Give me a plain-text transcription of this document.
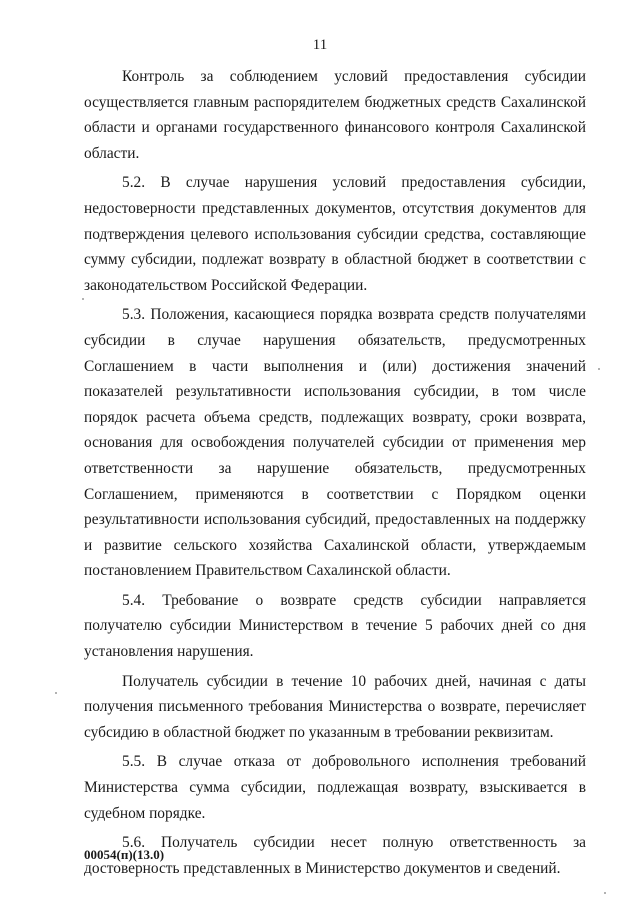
11

Контроль за соблюдением условий предоставления субсидии осуществляется главным распорядителем бюджетных средств Сахалинской области и органами государственного финансового контроля Сахалинской области.

5.2. В случае нарушения условий предоставления субсидии, недостоверности представленных документов, отсутствия документов для подтверждения целевого использования субсидии средства, составляющие сумму субсидии, подлежат возврату в областной бюджет в соответствии с законодательством Российской Федерации.

5.3. Положения, касающиеся порядка возврата средств получателями субсидии в случае нарушения обязательств, предусмотренных Соглашением в части выполнения и (или) достижения значений показателей результативности использования субсидии, в том числе порядок расчета объема средств, подлежащих возврату, сроки возврата, основания для освобождения получателей субсидии от применения мер ответственности за нарушение обязательств, предусмотренных Соглашением, применяются в соответствии с Порядком оценки результативности использования субсидий, предоставленных на поддержку и развитие сельского хозяйства Сахалинской области, утверждаемым постановлением Правительством Сахалинской области.

5.4. Требование о возврате средств субсидии направляется получателю субсидии Министерством в течение 5 рабочих дней со дня установления нарушения.

Получатель субсидии в течение 10 рабочих дней, начиная с даты получения письменного требования Министерства о возврате, перечисляет субсидию в областной бюджет по указанным в требовании реквизитам.

5.5. В случае отказа от добровольного исполнения требований Министерства сумма субсидии, подлежащая возврату, взыскивается в судебном порядке.

5.6. Получатель субсидии несет полную ответственность за достоверность представленных в Министерство документов и сведений.

00054(п)(13.0)
